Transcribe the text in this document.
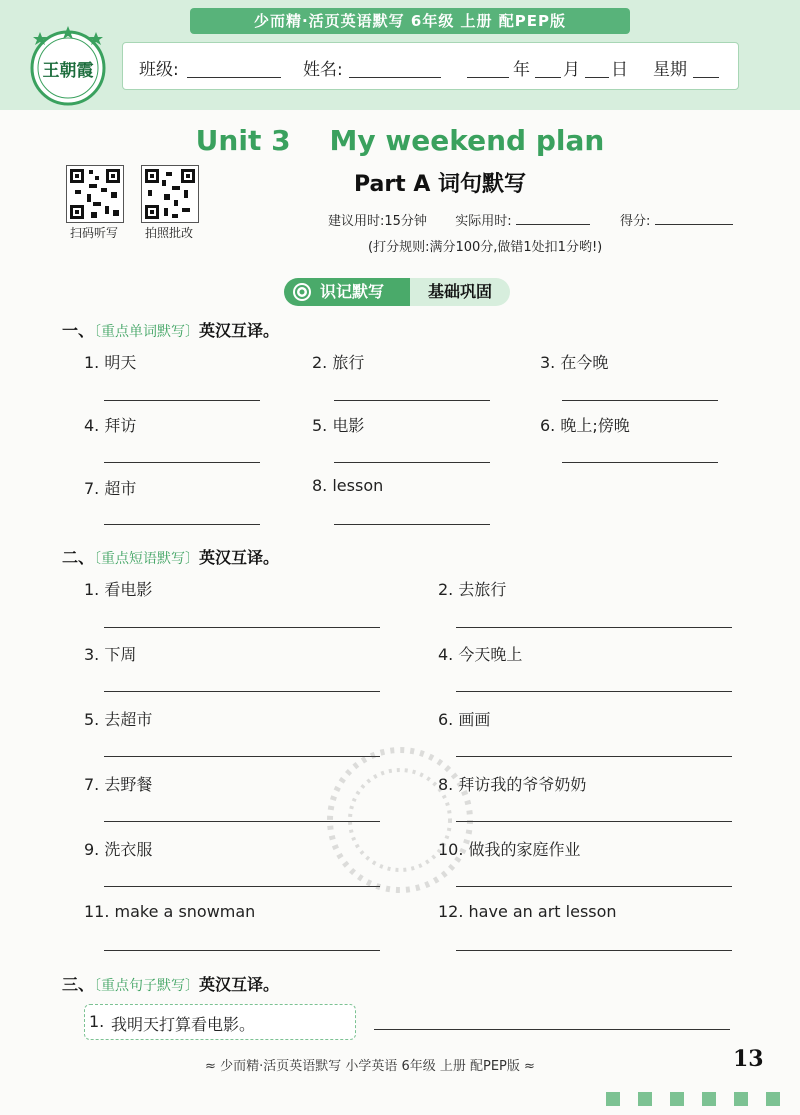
少而精·活页英语默写 6年级 上册 配PEP版
王朝霞	班级:	姓名:	年 月 日 星期
Unit 3    My weekend plan
Part A 词句默写
扫码听写	拍照批改
建议用时:15分钟 实际用时:	得分:
(打分规则:满分100分,做错1处扣1分哟!)
识记默写	基础巩固
一、〔重点单词默写〕英汉互译。
1. 明天	2. 旅行	3. 在今晚
4. 拜访	5. 电影	6. 晚上;傍晚
7. 超市	8. lesson
二、〔重点短语默写〕英汉互译。
1. 看电影	2. 去旅行
3. 下周	4. 今天晚上
5. 去超市	6. 画画
7. 去野餐	8. 拜访我的爷爷奶奶
9. 洗衣服	10. 做我的家庭作业
11. make a snowman	12. have an art lesson
三、〔重点句子默写〕英汉互译。
1. 我明天打算看电影。
≈ 少而精·活页英语默写 小学英语 6年级 上册 配PEP版 ≈	13
